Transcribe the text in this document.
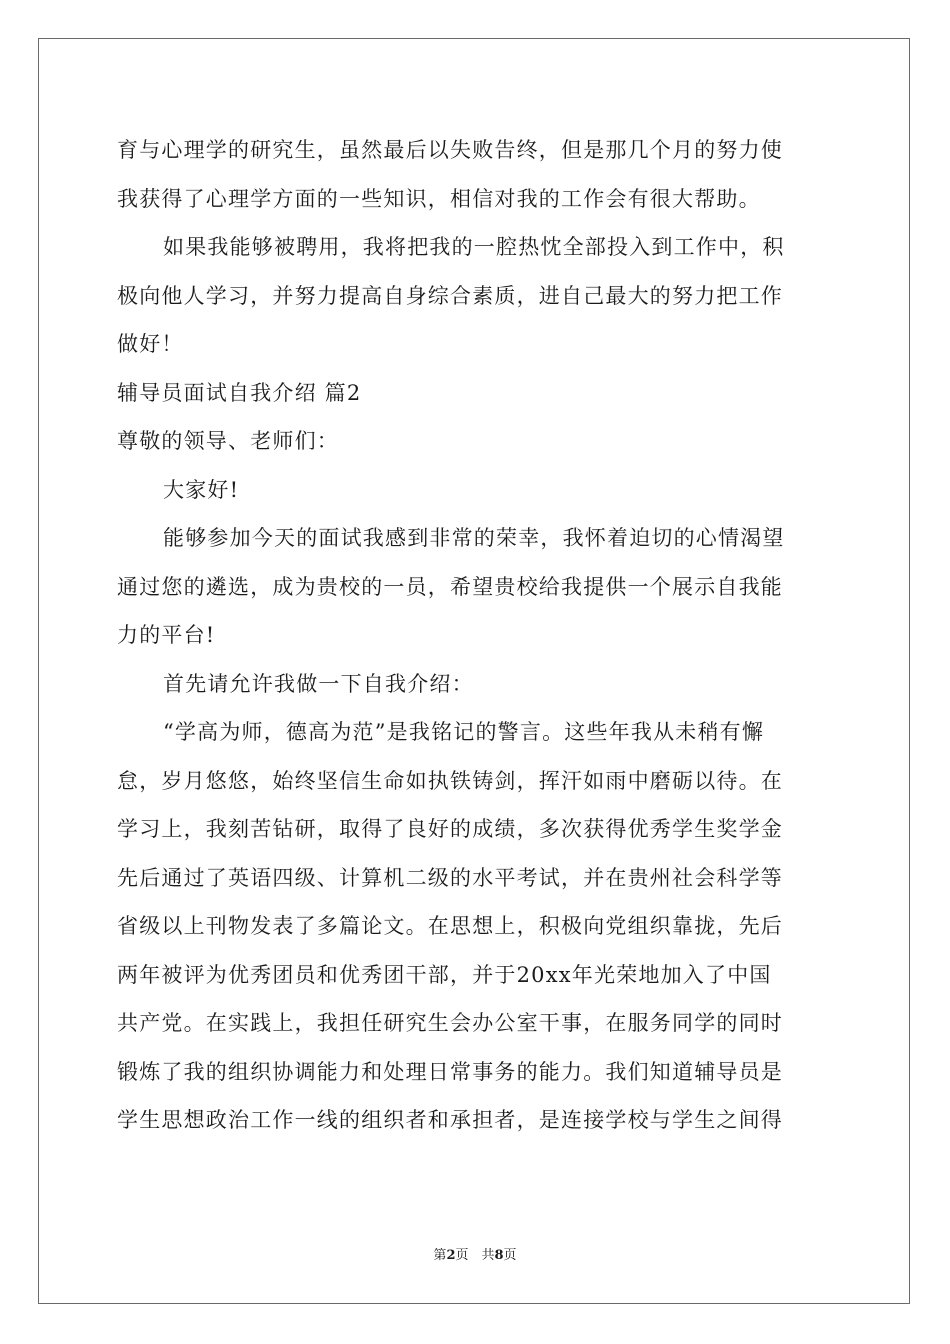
育与心理学的研究生，虽然最后以失败告终，但是那几个月的努力使
我获得了心理学方面的一些知识，相信对我的工作会有很大帮助。
如果我能够被聘用，我将把我的一腔热忱全部投入到工作中，积
极向他人学习，并努力提高自身综合素质，进自己最大的努力把工作
做好！
辅导员面试自我介绍 篇2
尊敬的领导、老师们：
大家好!
能够参加今天的面试我感到非常的荣幸，我怀着迫切的心情渴望
通过您的遴选，成为贵校的一员，希望贵校给我提供一个展示自我能
力的平台!
首先请允许我做一下自我介绍：
“学高为师，德高为范”是我铭记的警言。这些年我从未稍有懈
怠，岁月悠悠，始终坚信生命如执铁铸剑，挥汗如雨中磨砺以待。在
学习上，我刻苦钻研，取得了良好的成绩，多次获得优秀学生奖学金
先后通过了英语四级、计算机二级的水平考试，并在贵州社会科学等
省级以上刊物发表了多篇论文。在思想上，积极向党组织靠拢，先后
两年被评为优秀团员和优秀团干部，并于20xx年光荣地加入了中国
共产党。在实践上，我担任研究生会办公室干事，在服务同学的同时
锻炼了我的组织协调能力和处理日常事务的能力。我们知道辅导员是
学生思想政治工作一线的组织者和承担者，是连接学校与学生之间得
第2页　共8页
